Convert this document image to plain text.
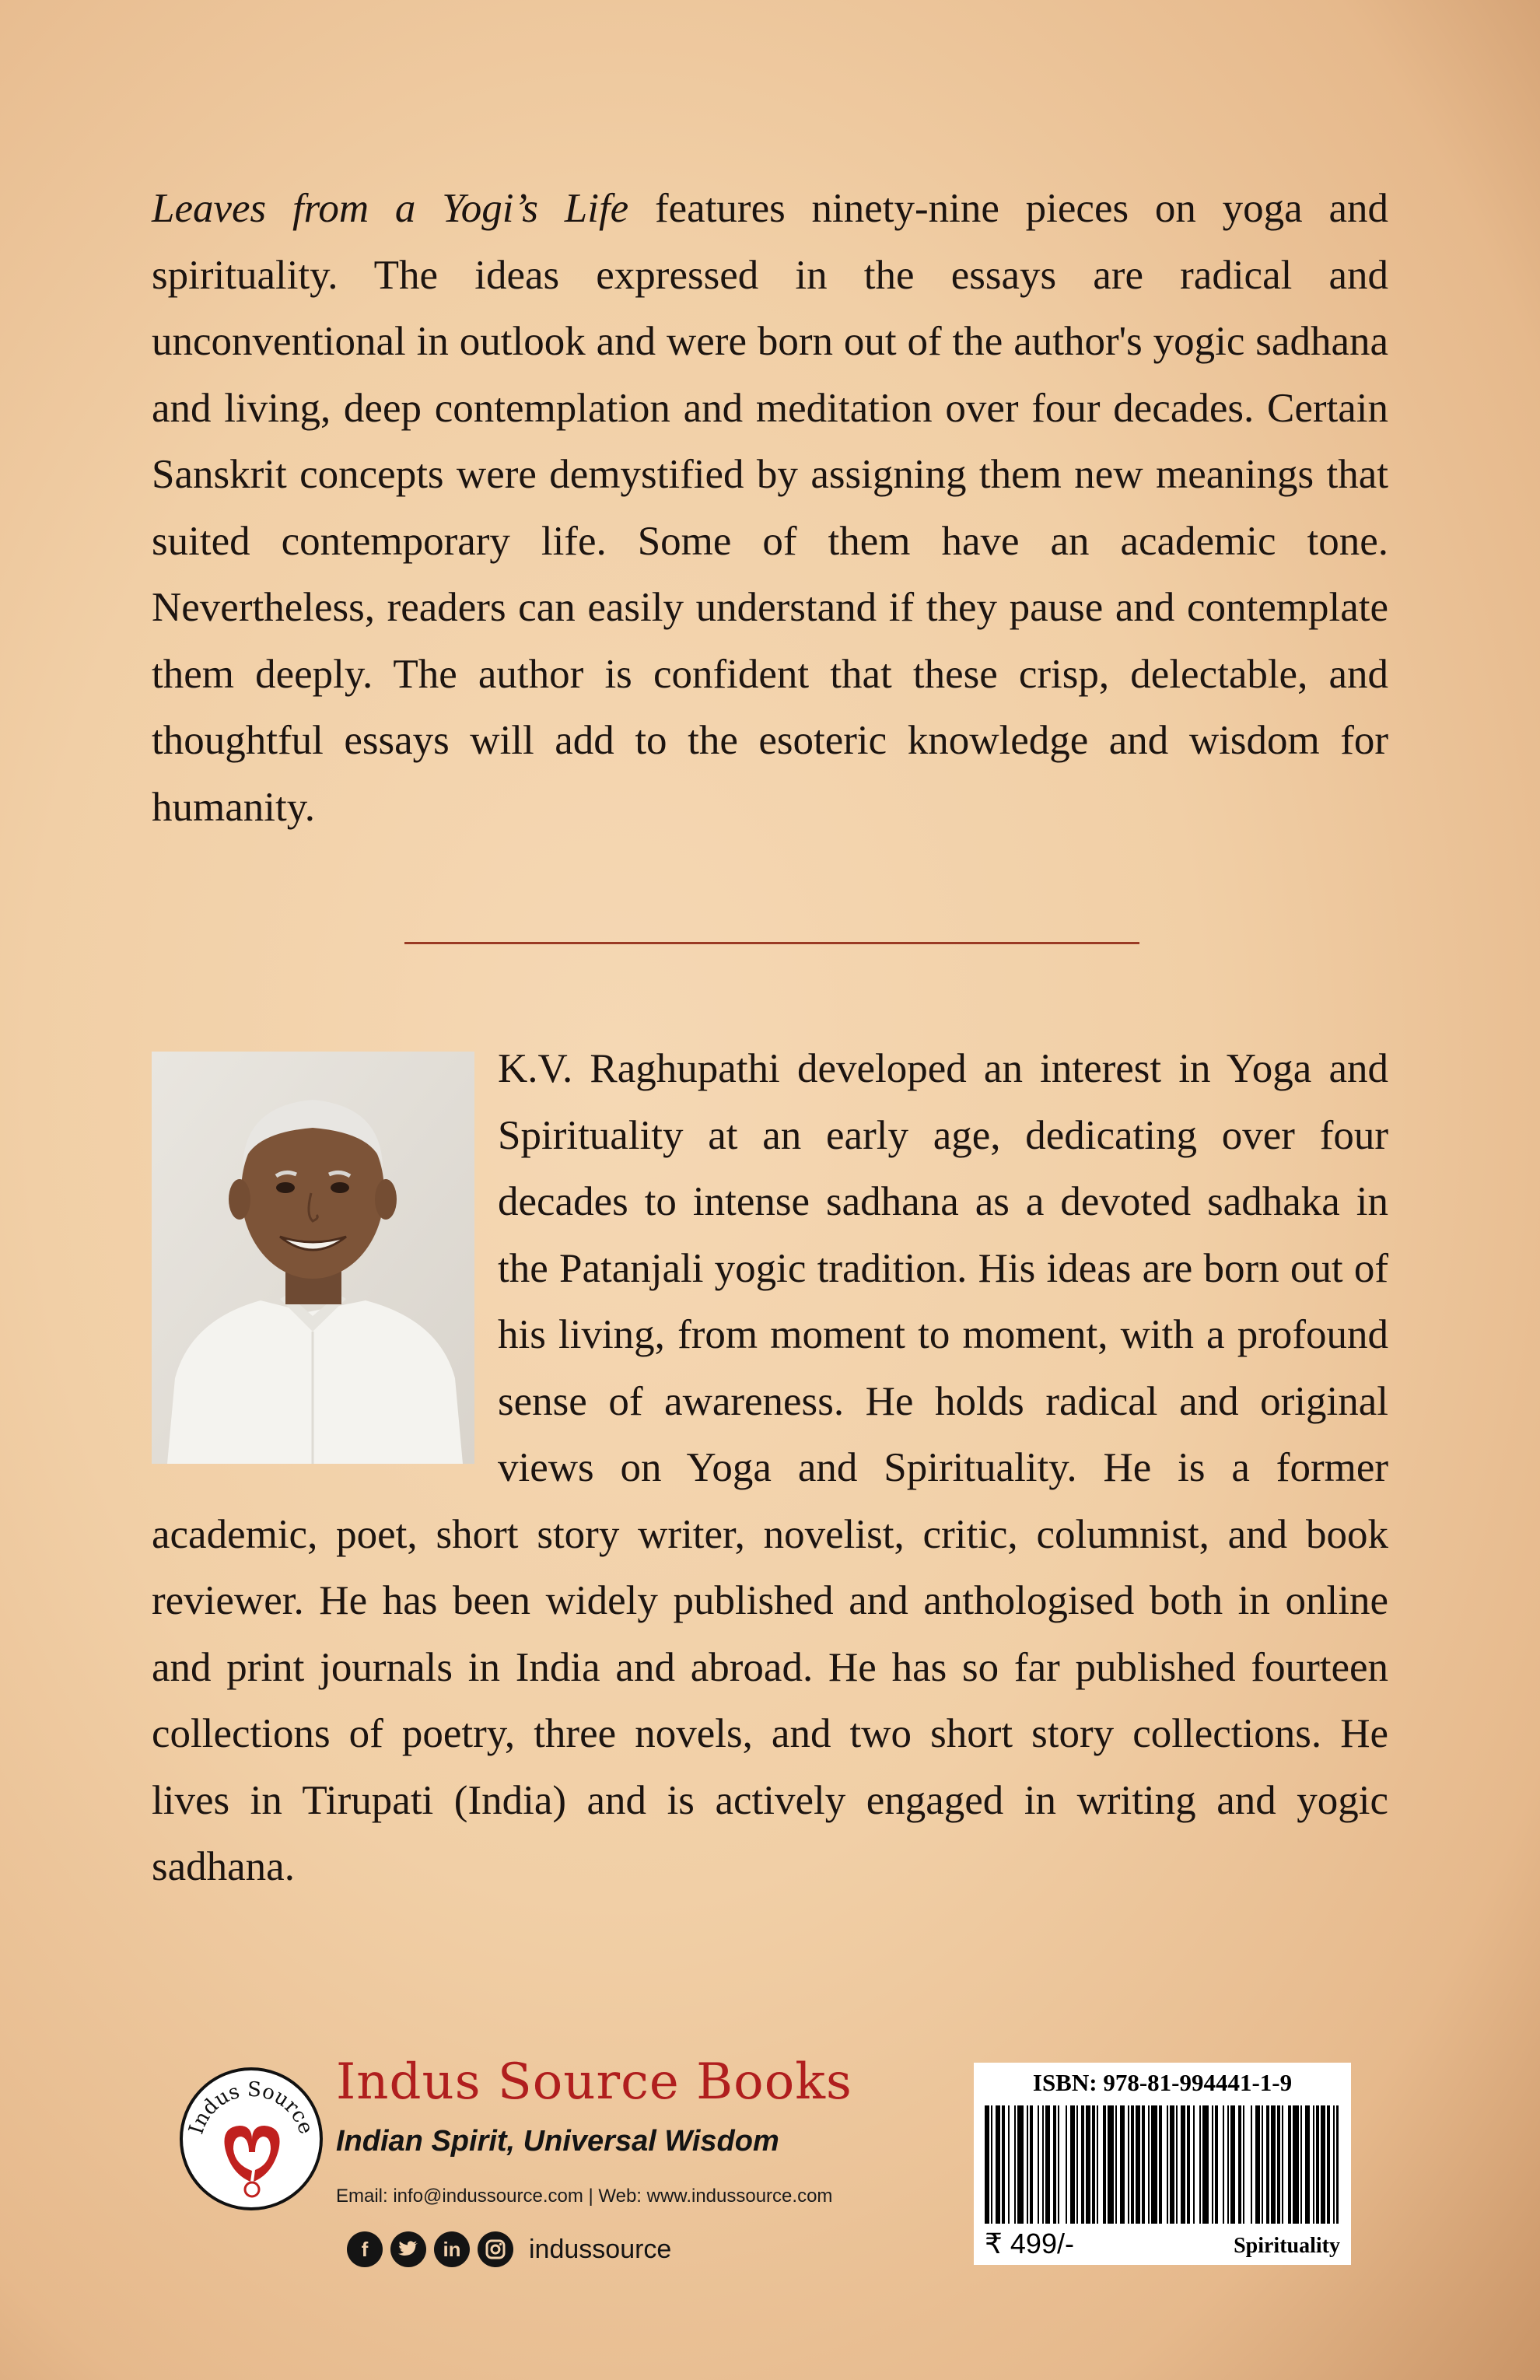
Leaves from a Yogi’s Life features ninety-nine pieces on yoga and spirituality. The ideas expressed in the essays are radical and unconventional in outlook and were born out of the author's yogic sadhana and living, deep contemplation and meditation over four decades. Certain Sanskrit concepts were demystified by assigning them new meanings that suited contemporary life. Some of them have an academic tone. Nevertheless, readers can easily understand if they pause and contemplate them deeply. The author is confident that these crisp, delectable, and thoughtful essays will add to the esoteric knowledge and wisdom for humanity.

K.V. Raghupathi developed an interest in Yoga and Spirituality at an early age, dedicating over four decades to intense sadhana as a devoted sadhaka in the Patanjali yogic tradition. His ideas are born out of his living, from moment to moment, with a profound sense of awareness. He holds radical and original views on Yoga and Spirituality. He is a former academic, poet, short story writer, novelist, critic, columnist, and book reviewer. He has been widely published and anthologised both in online and print journals in India and abroad. He has so far published fourteen collections of poetry, three novels, and two short story collections. He lives in Tirupati (India) and is actively engaged in writing and yogic sadhana.

Indus Source

Indus Source Books

Indian Spirit, Universal Wisdom

Email: info@indussource.com | Web: www.indussource.com

f	in	indussource
ISBN: 978-81-994441-1-9
₹ 499/-	Spirituality
